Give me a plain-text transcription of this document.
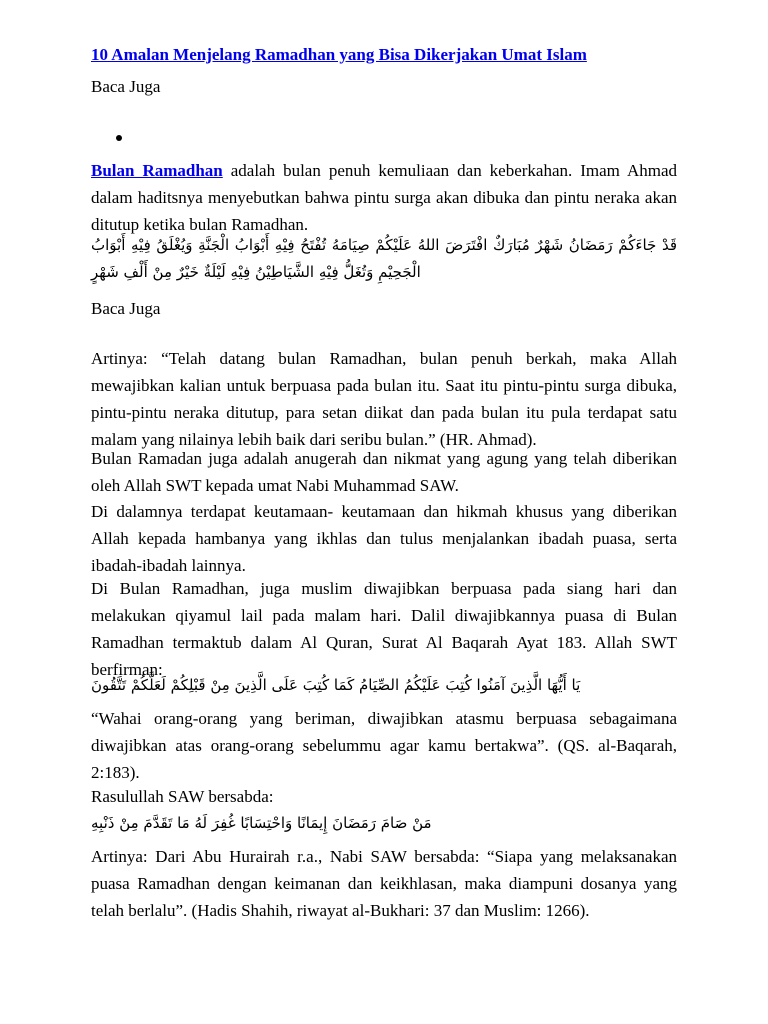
10 Amalan Menjelang Ramadhan yang Bisa Dikerjakan Umat Islam
Baca Juga

Bulan Ramadhan adalah bulan penuh kemuliaan dan keberkahan. Imam Ahmad dalam haditsnya menyebutkan bahwa pintu surga akan dibuka dan pintu neraka akan ditutup ketika bulan Ramadhan.

قَدْ جَاءَكُمْ رَمَضَانُ شَهْرٌ مُبَارَكٌ افْتَرَضَ اللهُ عَلَيْكُمْ صِيَامَهُ تُفْتَحُ فِيْهِ أَبْوَابُ الْجَنَّةِ وَيُغْلَقُ فِيْهِ أَبْوَابُ الْجَحِيْمِ وَتُغَلُّ فِيْهِ الشَّيَاطِيْنُ فِيْهِ لَيْلَةٌ خَيْرٌ مِنْ أَلْفِ شَهْرٍ

Baca Juga

Artinya: “Telah datang bulan Ramadhan, bulan penuh berkah, maka Allah mewajibkan kalian untuk berpuasa pada bulan itu. Saat itu pintu-pintu surga dibuka, pintu-pintu neraka ditutup, para setan diikat dan pada bulan itu pula terdapat satu malam yang nilainya lebih baik dari seribu bulan.” (HR. Ahmad).

Bulan Ramadan juga adalah anugerah dan nikmat yang agung yang telah diberikan oleh Allah SWT kepada umat Nabi Muhammad SAW.

Di dalamnya terdapat keutamaan- keutamaan dan hikmah khusus yang diberikan Allah kepada hambanya yang ikhlas dan tulus menjalankan ibadah puasa, serta ibadah-ibadah lainnya.

Di Bulan Ramadhan, juga muslim diwajibkan berpuasa pada siang hari dan melakukan qiyamul lail pada malam hari. Dalil diwajibkannya puasa di Bulan Ramadhan termaktub dalam Al Quran, Surat Al Baqarah Ayat 183. Allah SWT berfirman:

يَا أَيُّهَا الَّذِينَ آمَنُوا كُتِبَ عَلَيْكُمُ الصِّيَامُ كَمَا كُتِبَ عَلَى الَّذِينَ مِنْ قَبْلِكُمْ لَعَلَّكُمْ تَتَّقُونَ

“Wahai orang-orang yang beriman, diwajibkan atasmu berpuasa sebagaimana diwajibkan atas orang-orang sebelummu agar kamu bertakwa”. (QS. al-Baqarah, 2:183).

Rasulullah SAW bersabda:

مَنْ صَامَ رَمَضَانَ إِيمَانًا وَاحْتِسَابًا غُفِرَ لَهُ مَا تَقَدَّمَ مِنْ ذَنْبِهِ

Artinya: Dari Abu Hurairah r.a., Nabi SAW bersabda: “Siapa yang melaksanakan puasa Ramadhan dengan keimanan dan keikhlasan, maka diampuni dosanya yang telah berlalu”. (Hadis Shahih, riwayat al-Bukhari: 37 dan Muslim: 1266).
